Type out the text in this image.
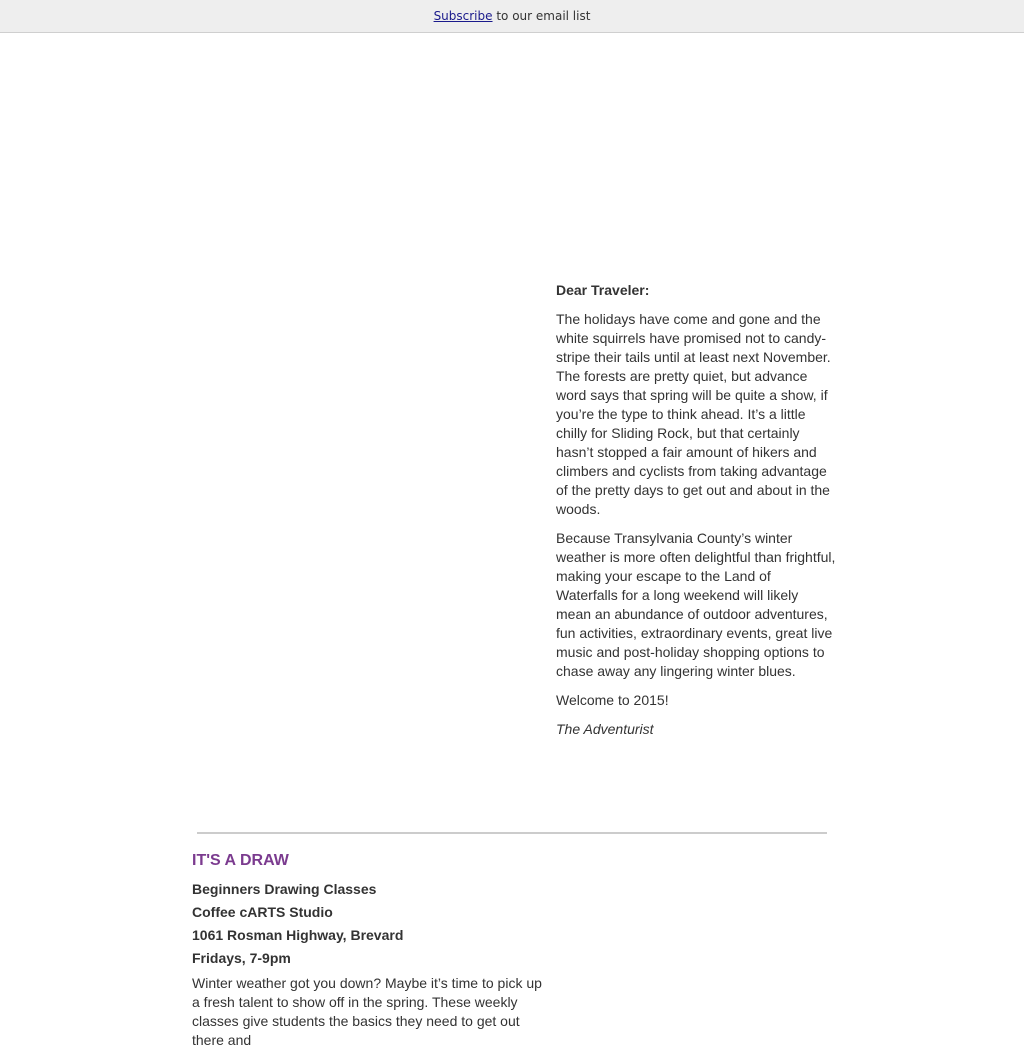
Subscribe to our email list

Dear Traveler:

The holidays have come and gone and the white squirrels have promised not to candy-stripe their tails until at least next November. The forests are pretty quiet, but advance word says that spring will be quite a show, if you’re the type to think ahead. It’s a little chilly for Sliding Rock, but that certainly hasn’t stopped a fair amount of hikers and climbers and cyclists from taking advantage of the pretty days to get out and about in the woods.

Because Transylvania County’s winter weather is more often delightful than frightful, making your escape to the Land of Waterfalls for a long weekend will likely mean an abundance of outdoor adventures, fun activities, extraordinary events, great live music and post-holiday shopping options to chase away any lingering winter blues.

Welcome to 2015!

The Adventurist

IT'S A DRAW

Beginners Drawing Classes

Coffee cARTS Studio

1061 Rosman Highway, Brevard

Fridays, 7-9pm

Winter weather got you down? Maybe it’s time to pick up a fresh talent to show off in the spring. These weekly classes give students the basics they need to get out there and
